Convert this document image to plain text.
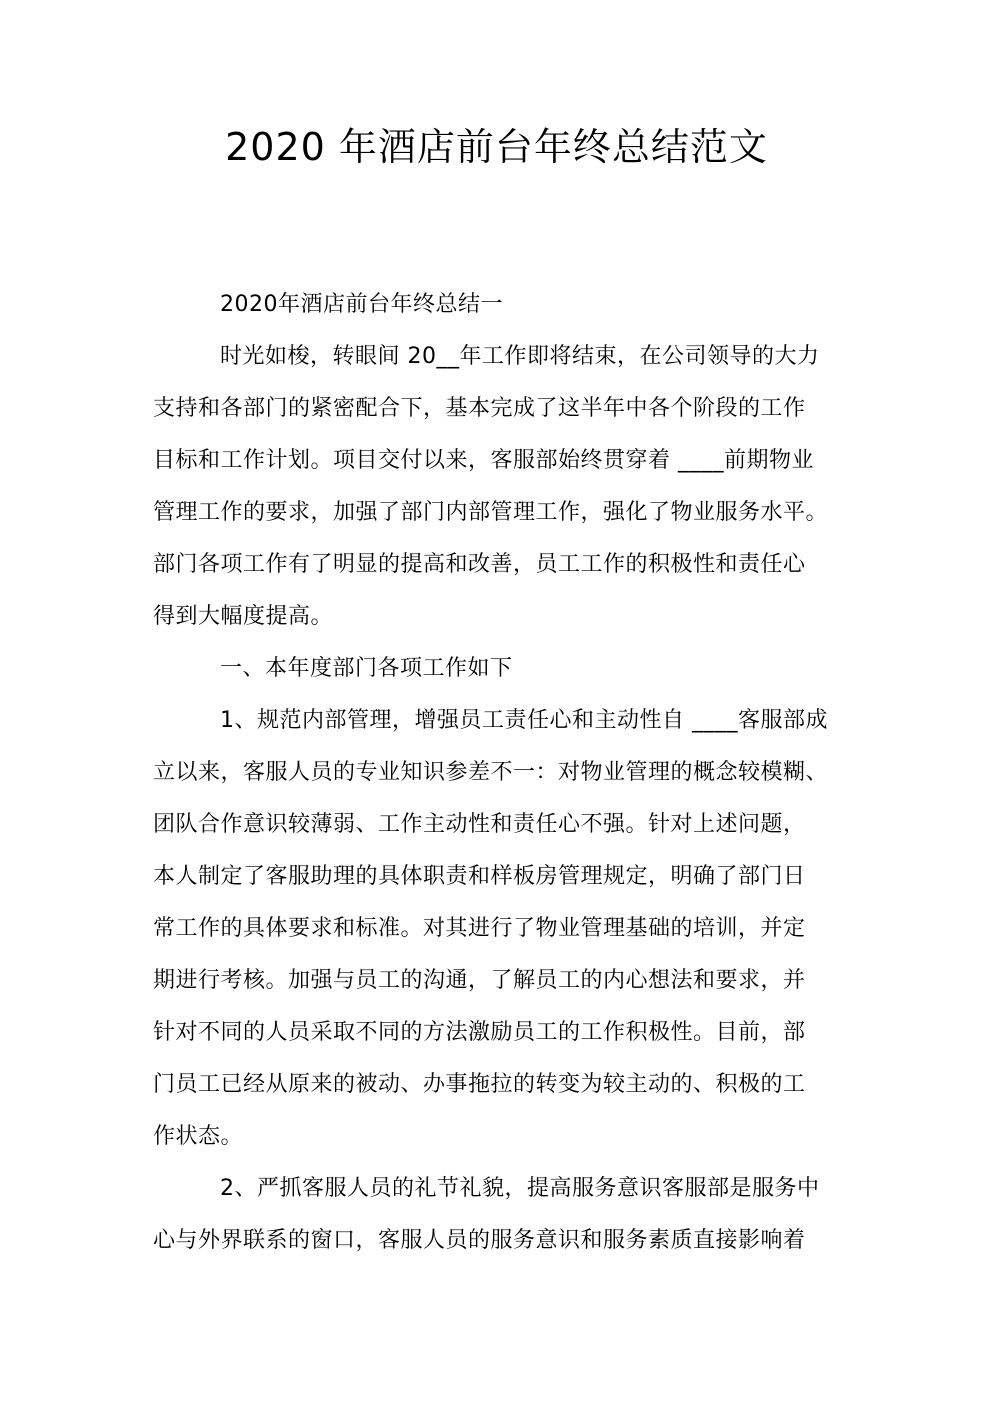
2020 年酒店前台年终总结范文
2020年酒店前台年终总结一
时光如梭，转眼间 20__年工作即将结束，在公司领导的大力
支持和各部门的紧密配合下，基本完成了这半年中各个阶段的工作
目标和工作计划。项目交付以来，客服部始终贯穿着 ____前期物业
管理工作的要求，加强了部门内部管理工作，强化了物业服务水平。
部门各项工作有了明显的提高和改善，员工工作的积极性和责任心
得到大幅度提高。
一、本年度部门各项工作如下
1、规范内部管理，增强员工责任心和主动性自 ____客服部成
立以来，客服人员的专业知识参差不一：对物业管理的概念较模糊、
团队合作意识较薄弱、工作主动性和责任心不强。针对上述问题，
本人制定了客服助理的具体职责和样板房管理规定，明确了部门日
常工作的具体要求和标准。对其进行了物业管理基础的培训，并定
期进行考核。加强与员工的沟通，了解员工的内心想法和要求，并
针对不同的人员采取不同的方法激励员工的工作积极性。目前，部
门员工已经从原来的被动、办事拖拉的转变为较主动的、积极的工
作状态。
2、严抓客服人员的礼节礼貌，提高服务意识客服部是服务中
心与外界联系的窗口，客服人员的服务意识和服务素质直接影响着
